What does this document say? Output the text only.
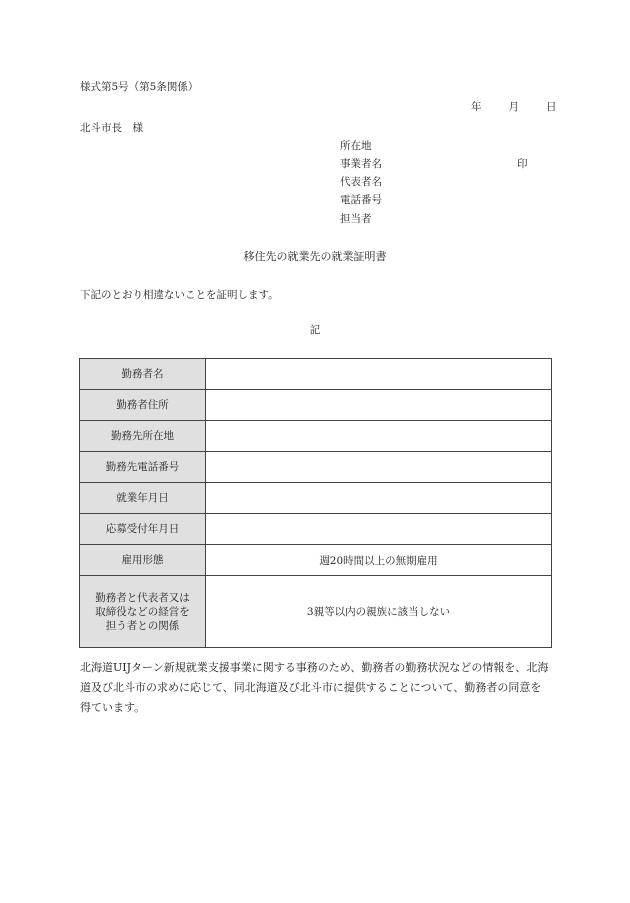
様式第5号（第5条関係）
年	月	日
北斗市長　様
所在地
事業者名
代表者名
電話番号
担当者
印
移住先の就業先の就業証明書
下記のとおり相違ないことを証明します。
記
勤務者名	
勤務者住所	
勤務先所在地	
勤務先電話番号	
就業年月日	
応募受付年月日	
雇用形態	週20時間以上の無期雇用

勤務者と代表者又は
取締役などの経営を
担う者との関係	3親等以内の親族に該当しない
北海道UIJターン新規就業支援事業に関する事務のため、勤務者の勤務状況などの情報を、北海道及び北斗市の求めに応じて、同北海道及び北斗市に提供することについて、勤務者の同意を得ています。
